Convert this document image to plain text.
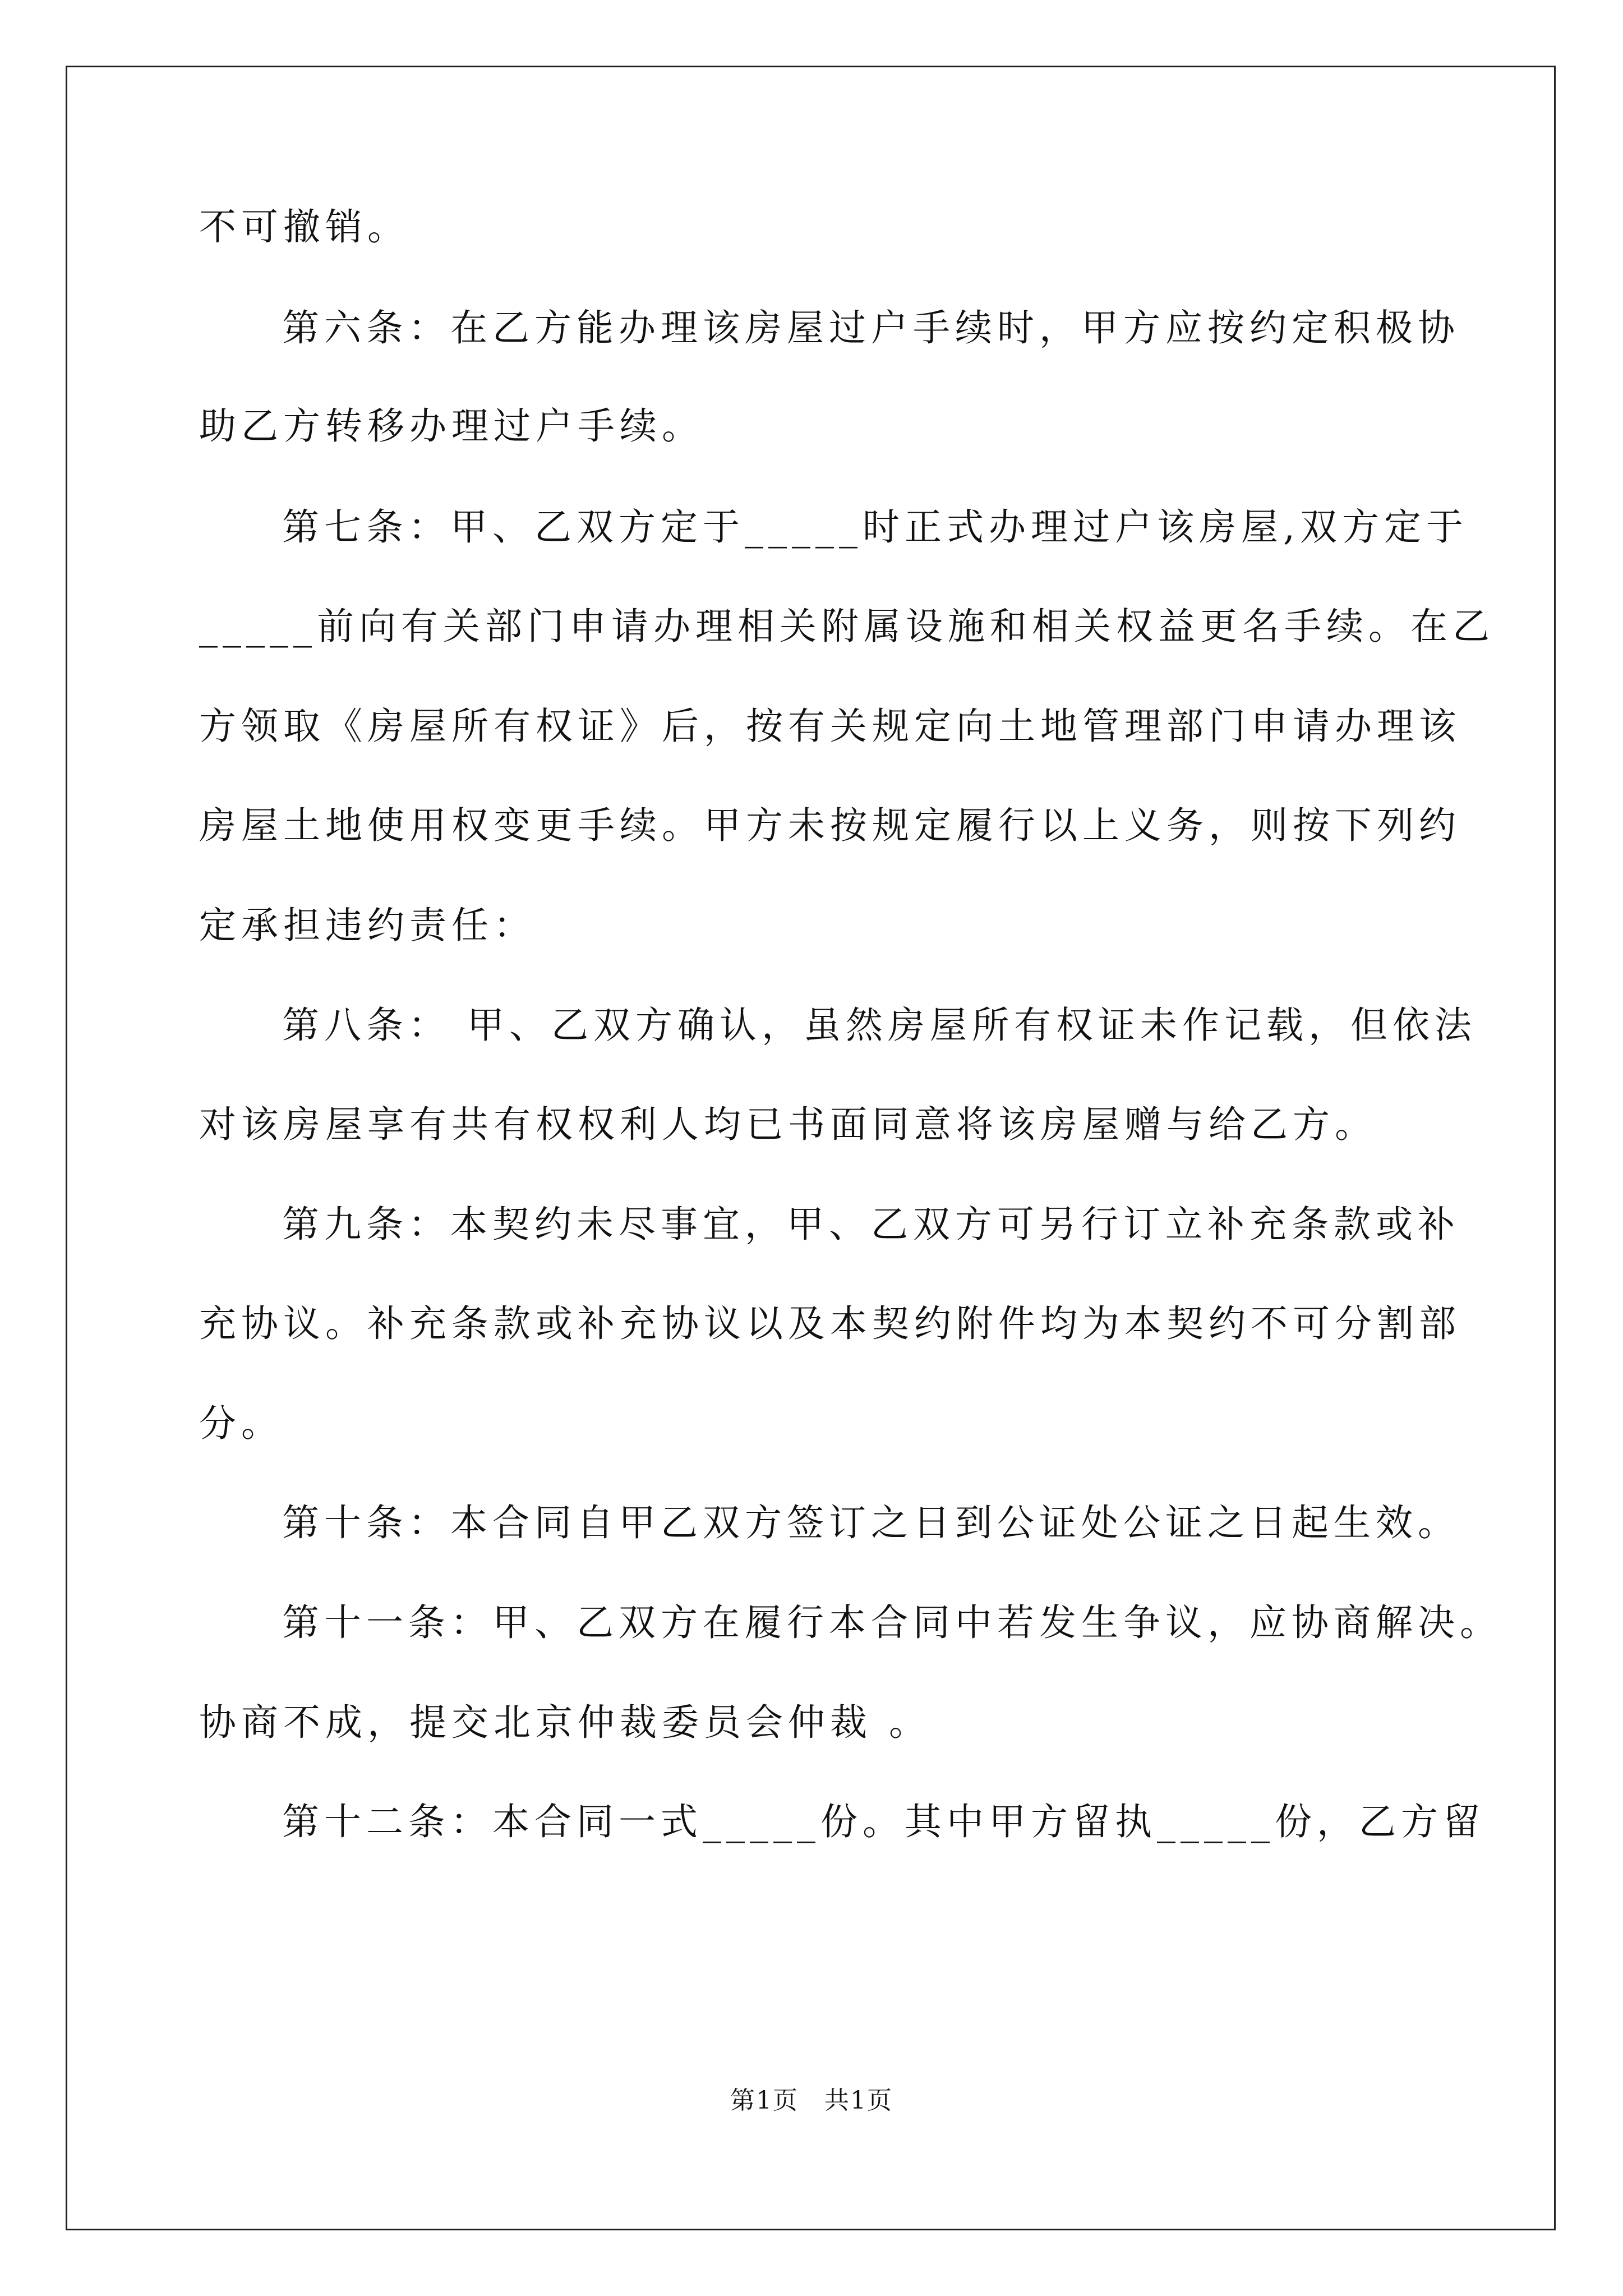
不可撤销。
第六条：在乙方能办理该房屋过户手续时，甲方应按约定积极协
助乙方转移办理过户手续。
第七条：甲、乙双方定于_____时正式办理过户该房屋,双方定于
_____前向有关部门申请办理相关附属设施和相关权益更名手续。在乙
方领取《房屋所有权证》后，按有关规定向土地管理部门申请办理该
房屋土地使用权变更手续。甲方未按规定履行以上义务，则按下列约
定承担违约责任：
第八条： 甲、乙双方确认，虽然房屋所有权证未作记载，但依法
对该房屋享有共有权权利人均已书面同意将该房屋赠与给乙方。
第九条：本契约未尽事宜，甲、乙双方可另行订立补充条款或补
充协议。补充条款或补充协议以及本契约附件均为本契约不可分割部
分。
第十条：本合同自甲乙双方签订之日到公证处公证之日起生效。
第十一条：甲、乙双方在履行本合同中若发生争议，应协商解决。
协商不成，提交北京仲裁委员会仲裁 。
第十二条：本合同一式_____份。其中甲方留执_____份，乙方留
第1页　共1页
